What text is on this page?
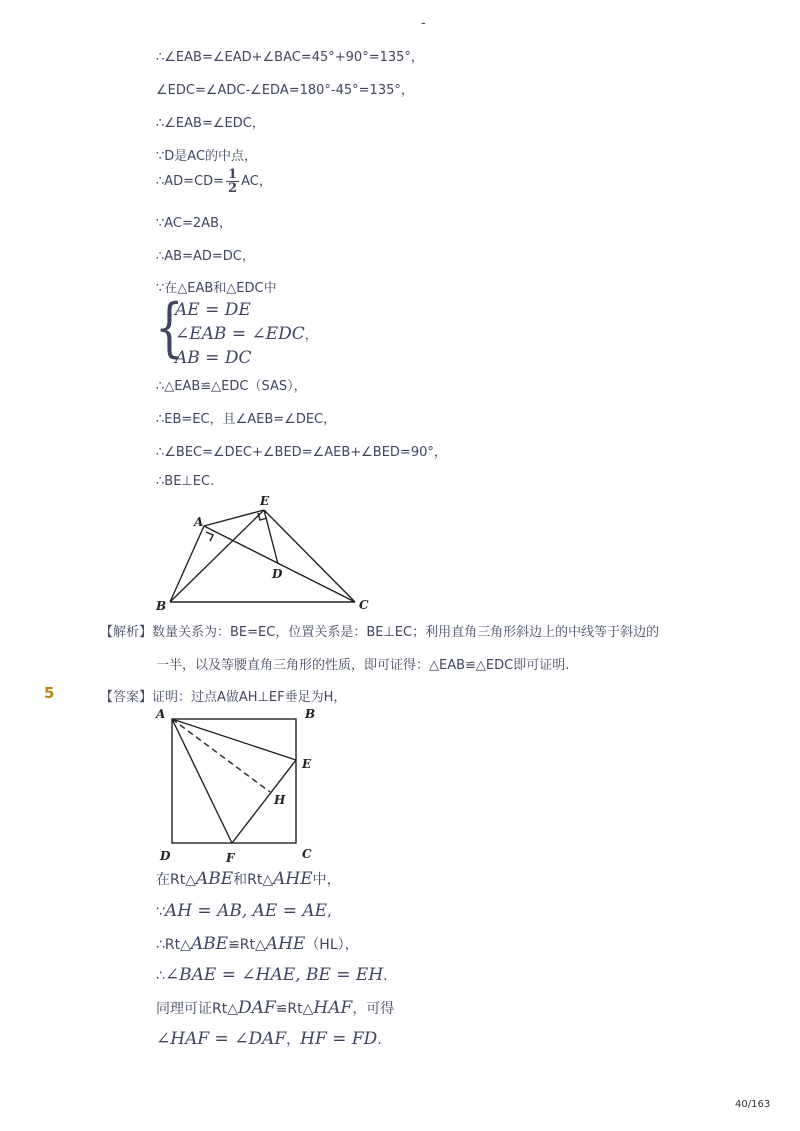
-
∴∠EAB=∠EAD+∠BAC=45°+90°=135°，
∠EDC=∠ADC-∠EDA=180°-45°=135°，
∴∠EAB=∠EDC，
∵D是AC的中点，
∴AD=CD= $\frac{1}{2}$ AC，
∵AC=2AB，
∴AB=AD=DC，
∵在△EAB和△EDC中
{
AE = DE
∠EAB = ∠EDC，
AB = DC
∴△EAB≌△EDC（SAS），
∴EB=EC，且∠AEB=∠DEC，
∴∠BEC=∠DEC+∠BED=∠AEB+∠BED=90°，
∴BE⊥EC.
A
E
D
B	C
【解析】数量关系为：BE=EC，位置关系是：BE⊥EC；利用直角三角形斜边上的中线等于斜边的
一半，以及等腰直角三角形的性质，即可证得：△EAB≌△EDC即可证明.
5	【答案】证明：过点A做AH⊥EF垂足为H，
A	B
E
H
D	F	C
在Rt△ABE和Rt△AHE中，
∵AH = AB, AE = AE,
∴Rt△ABE≌Rt△AHE（HL），
∴∠BAE = ∠HAE, BE = EH.
同理可证Rt△DAF≌Rt△HAF，可得
∠HAF = ∠DAF，HF = FD.
40/163
